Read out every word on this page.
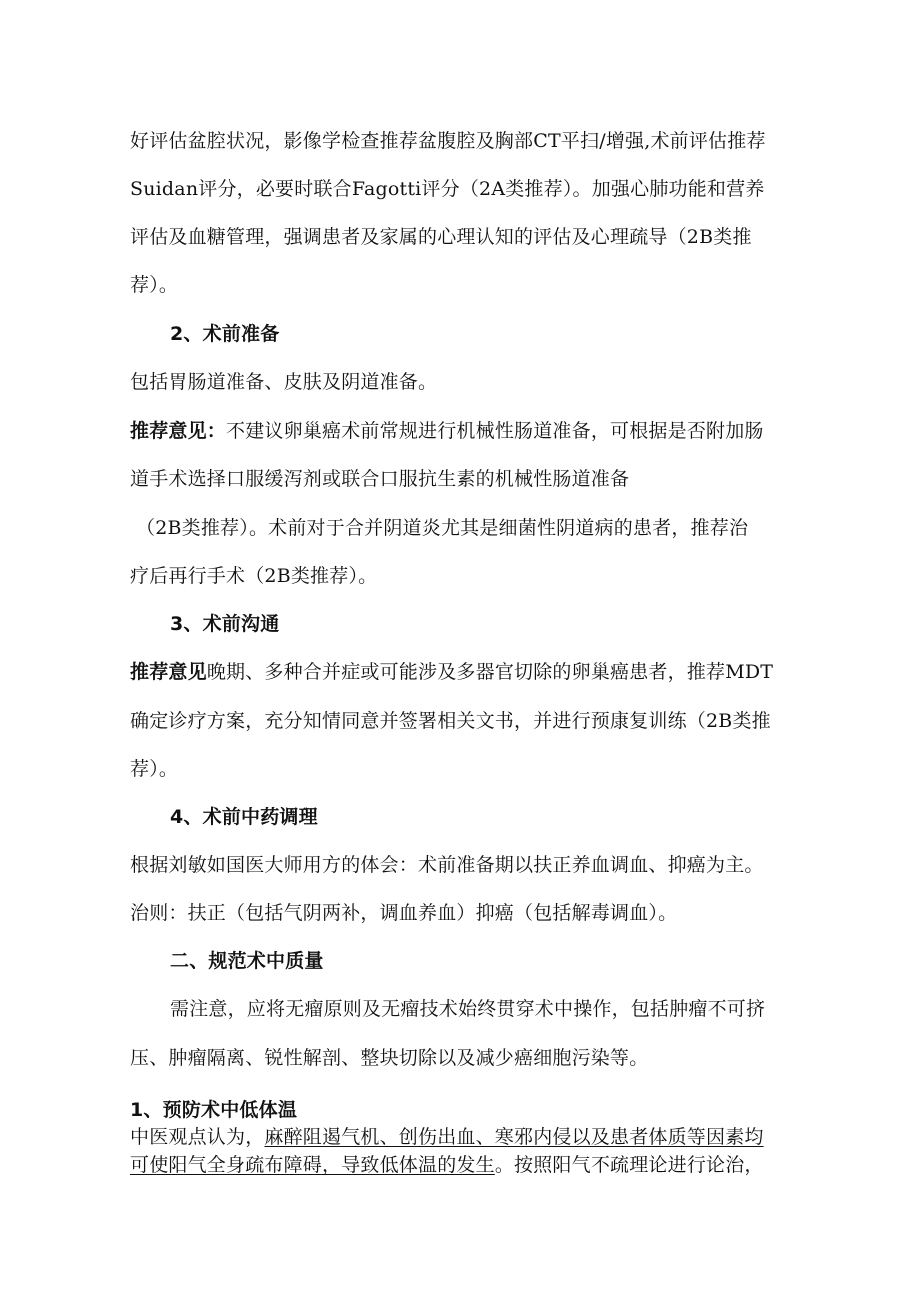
好评估盆腔状况，影像学检查推荐盆腹腔及胸部CT平扫/增强,术前评估推荐
Suidan评分，必要时联合Fagotti评分（2A类推荐）。加强心肺功能和营养
评估及血糖管理，强调患者及家属的心理认知的评估及心理疏导（2B类推
荐）。
2、术前准备
包括胃肠道准备、皮肤及阴道准备。
推荐意见：不建议卵巢癌术前常规进行机械性肠道准备，可根据是否附加肠
道手术选择口服缓泻剂或联合口服抗生素的机械性肠道准备
（2B类推荐）。术前对于合并阴道炎尤其是细菌性阴道病的患者，推荐治
疗后再行手术（2B类推荐）。
3、术前沟通
推荐意见晚期、多种合并症或可能涉及多器官切除的卵巢癌患者，推荐MDT
确定诊疗方案，充分知情同意并签署相关文书，并进行预康复训练（2B类推
荐）。
4、术前中药调理
根据刘敏如国医大师用方的体会：术前准备期以扶正养血调血、抑癌为主。
治则：扶正（包括气阴两补，调血养血）抑癌（包括解毒调血）。
二、规范术中质量
需注意，应将无瘤原则及无瘤技术始终贯穿术中操作，包括肿瘤不可挤
压、肿瘤隔离、锐性解剖、整块切除以及减少癌细胞污染等。
1、预防术中低体温
中医观点认为，麻醉阻遏气机、创伤出血、寒邪内侵以及患者体质等因素均
可使阳气全身疏布障碍，导致低体温的发生。按照阳气不疏理论进行论治，
